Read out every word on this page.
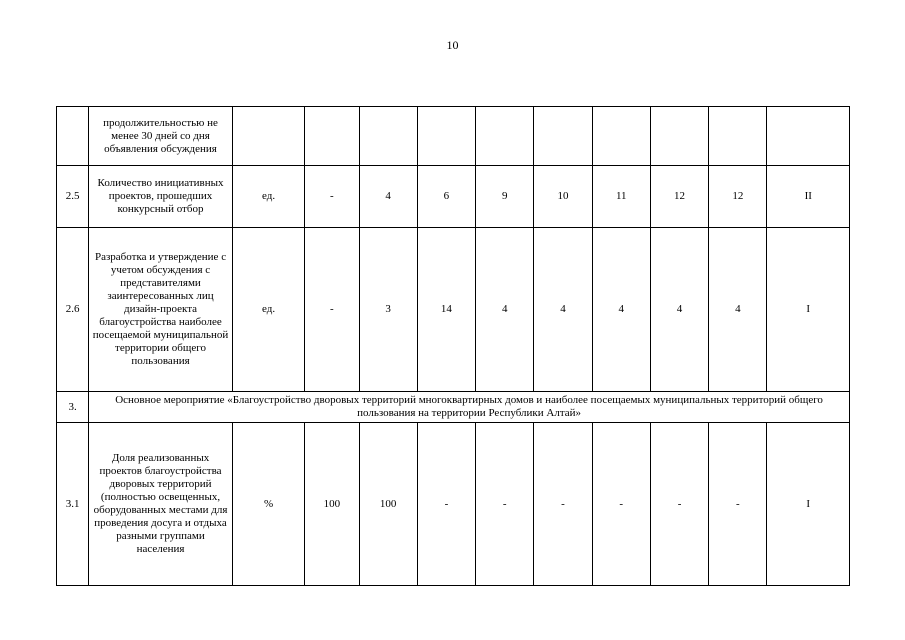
10
	продолжительностью не менее 30 дней со дня объявления обсуждения										
2.5	Количество инициативных проектов, прошедших конкурсный отбор	ед.	-	4	6	9	10	11	12	12	II
2.6	Разработка и утверждение с учетом обсуждения с представителями заинтересованных лиц дизайн-проекта благоустройства наиболее посещаемой муниципальной территории общего пользования	ед.	-	3	14	4	4	4	4	4	I
3.	Основное мероприятие «Благоустройство дворовых территорий многоквартирных домов и наиболее посещаемых муниципальных территорий общего пользования на территории Республики Алтай»										
3.1	Доля реализованных проектов благоустройства дворовых территорий (полностью освещенных, оборудованных местами для проведения досуга и отдыха разными группами населения	%	100	100	-	-	-	-	-	-	I
